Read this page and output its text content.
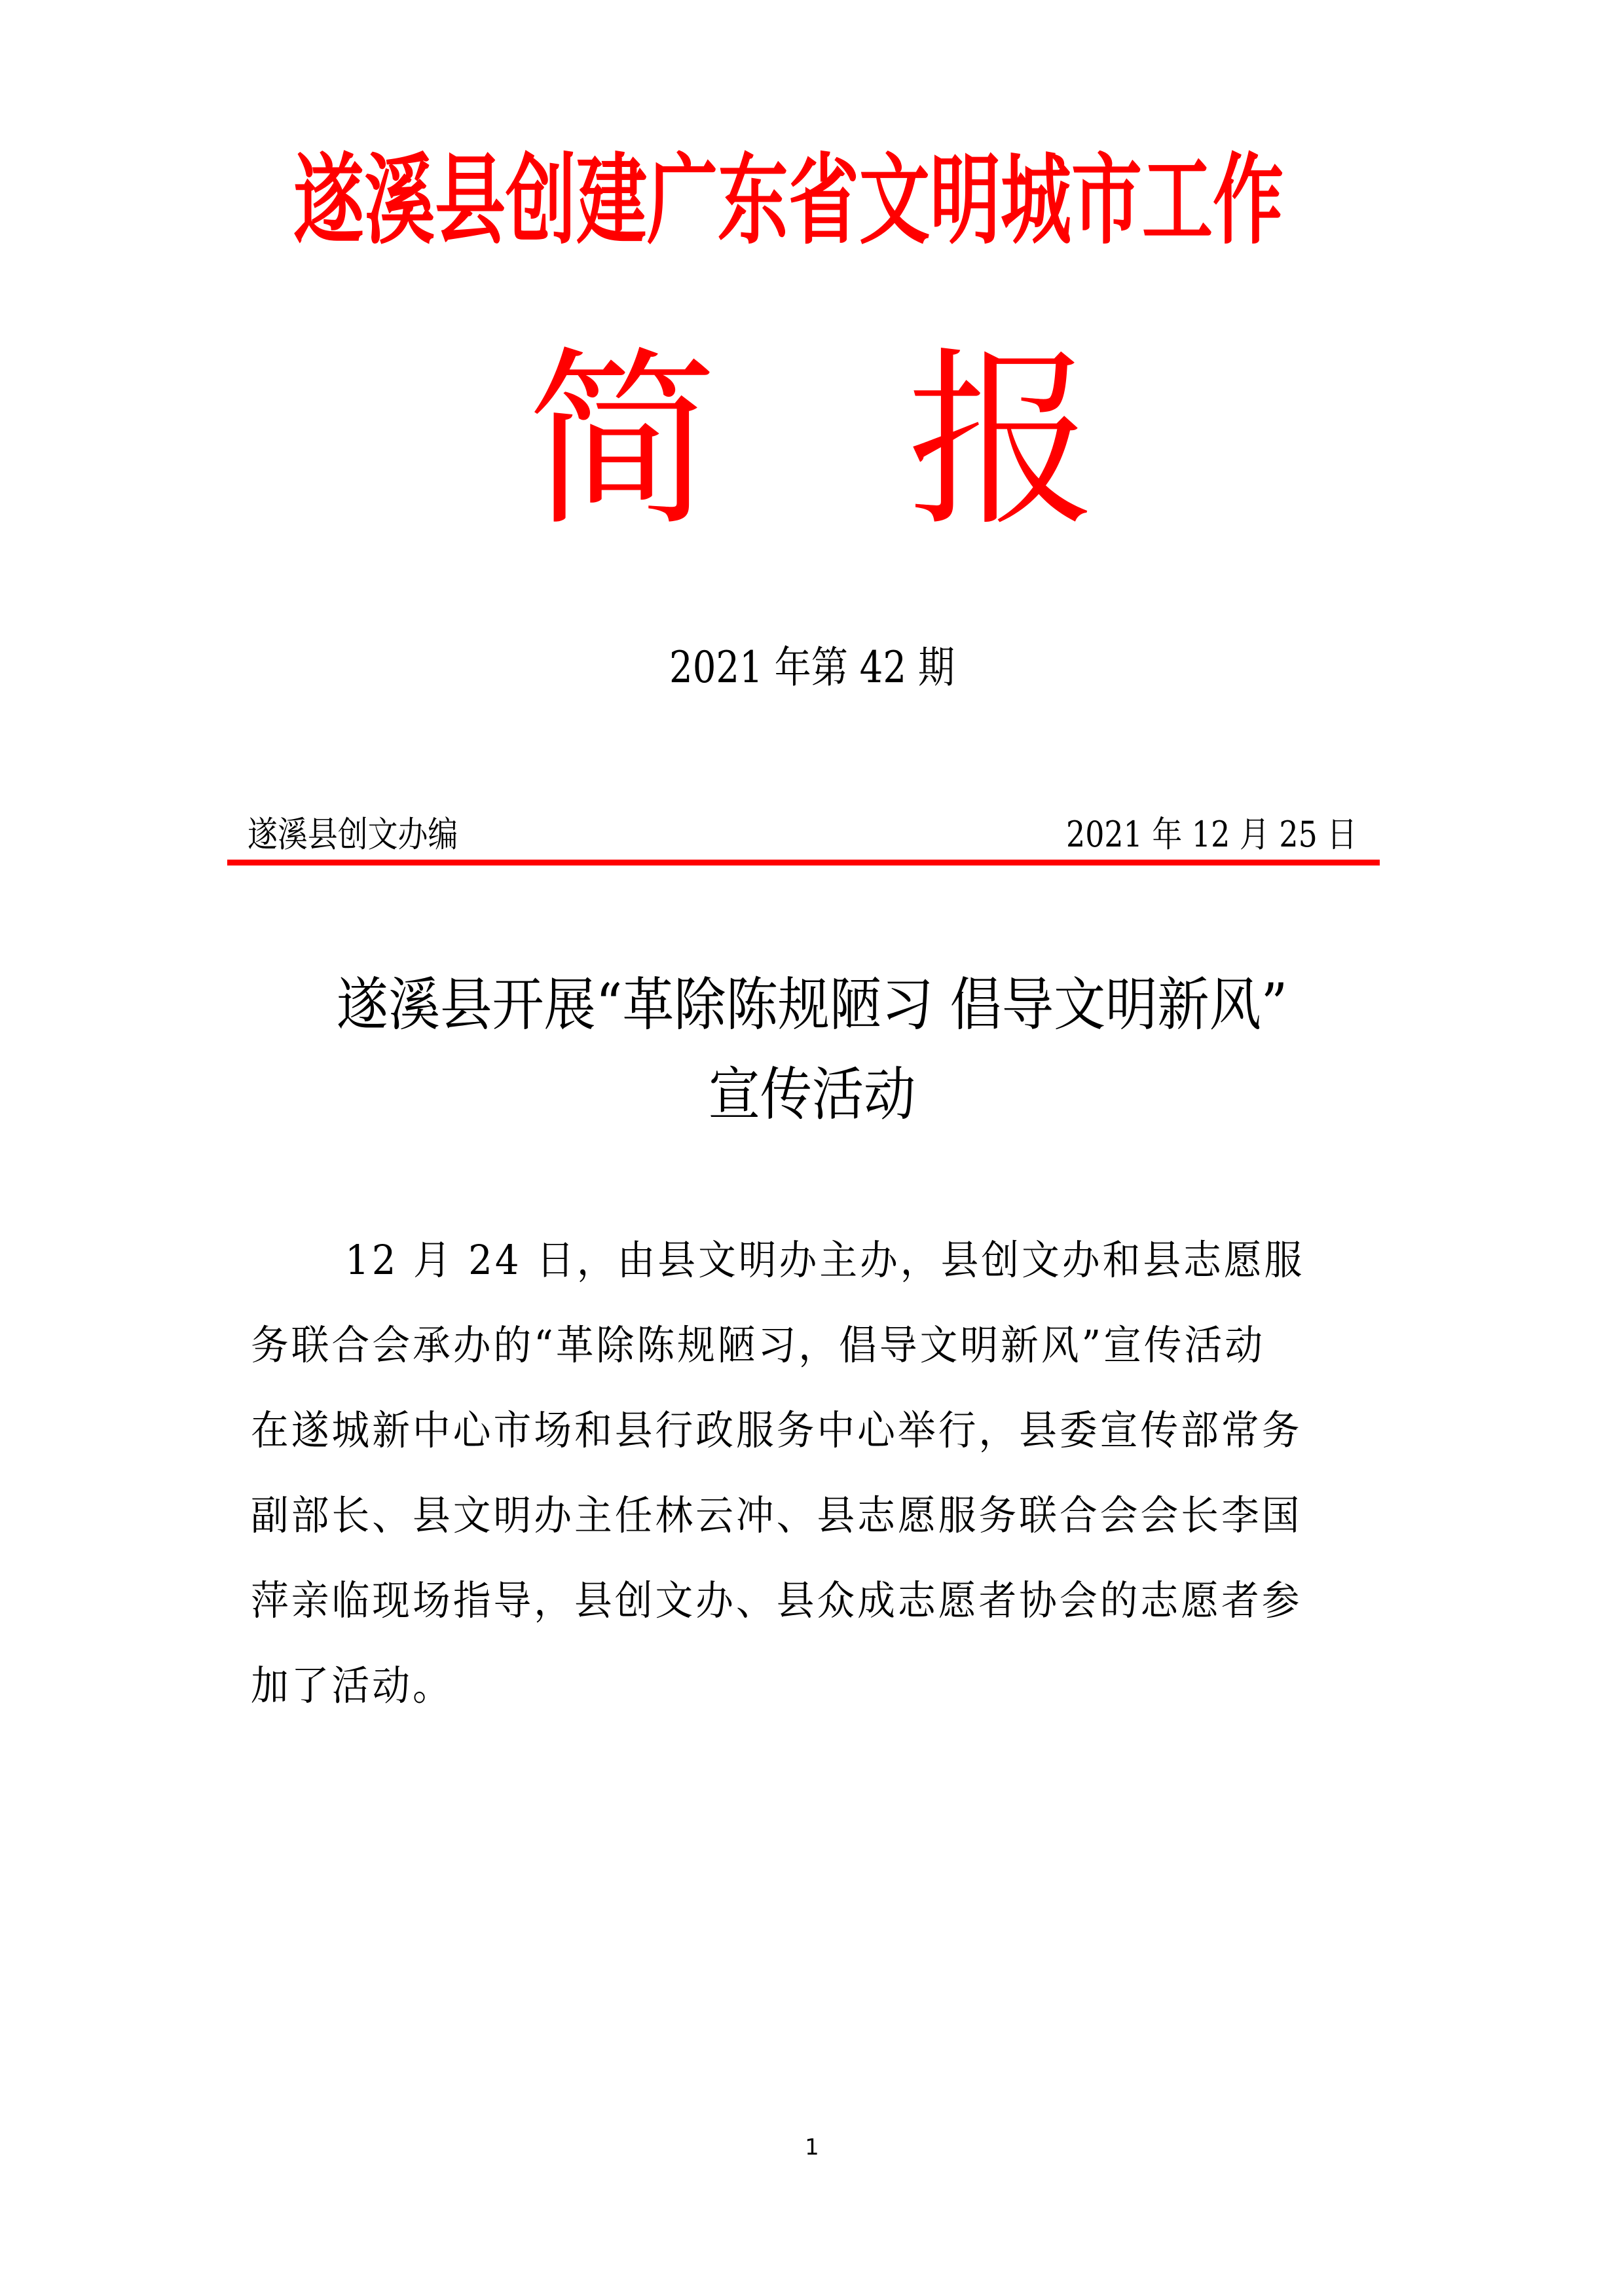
遂溪县创建广东省文明城市工作
简 报
2021 年第 42 期
遂溪县创文办编	2021 年 12 月 25 日
遂溪县开展“革除陈规陋习 倡导文明新风”
宣传活动
12 月 24 日，由县文明办主办，县创文办和县志愿服
务联合会承办的“革除陈规陋习，倡导文明新风”宣传活动
在遂城新中心市场和县行政服务中心举行，县委宣传部常务
副部长、县文明办主任林云冲、县志愿服务联合会会长李国
萍亲临现场指导，县创文办、县众成志愿者协会的志愿者参
加了活动。
1
